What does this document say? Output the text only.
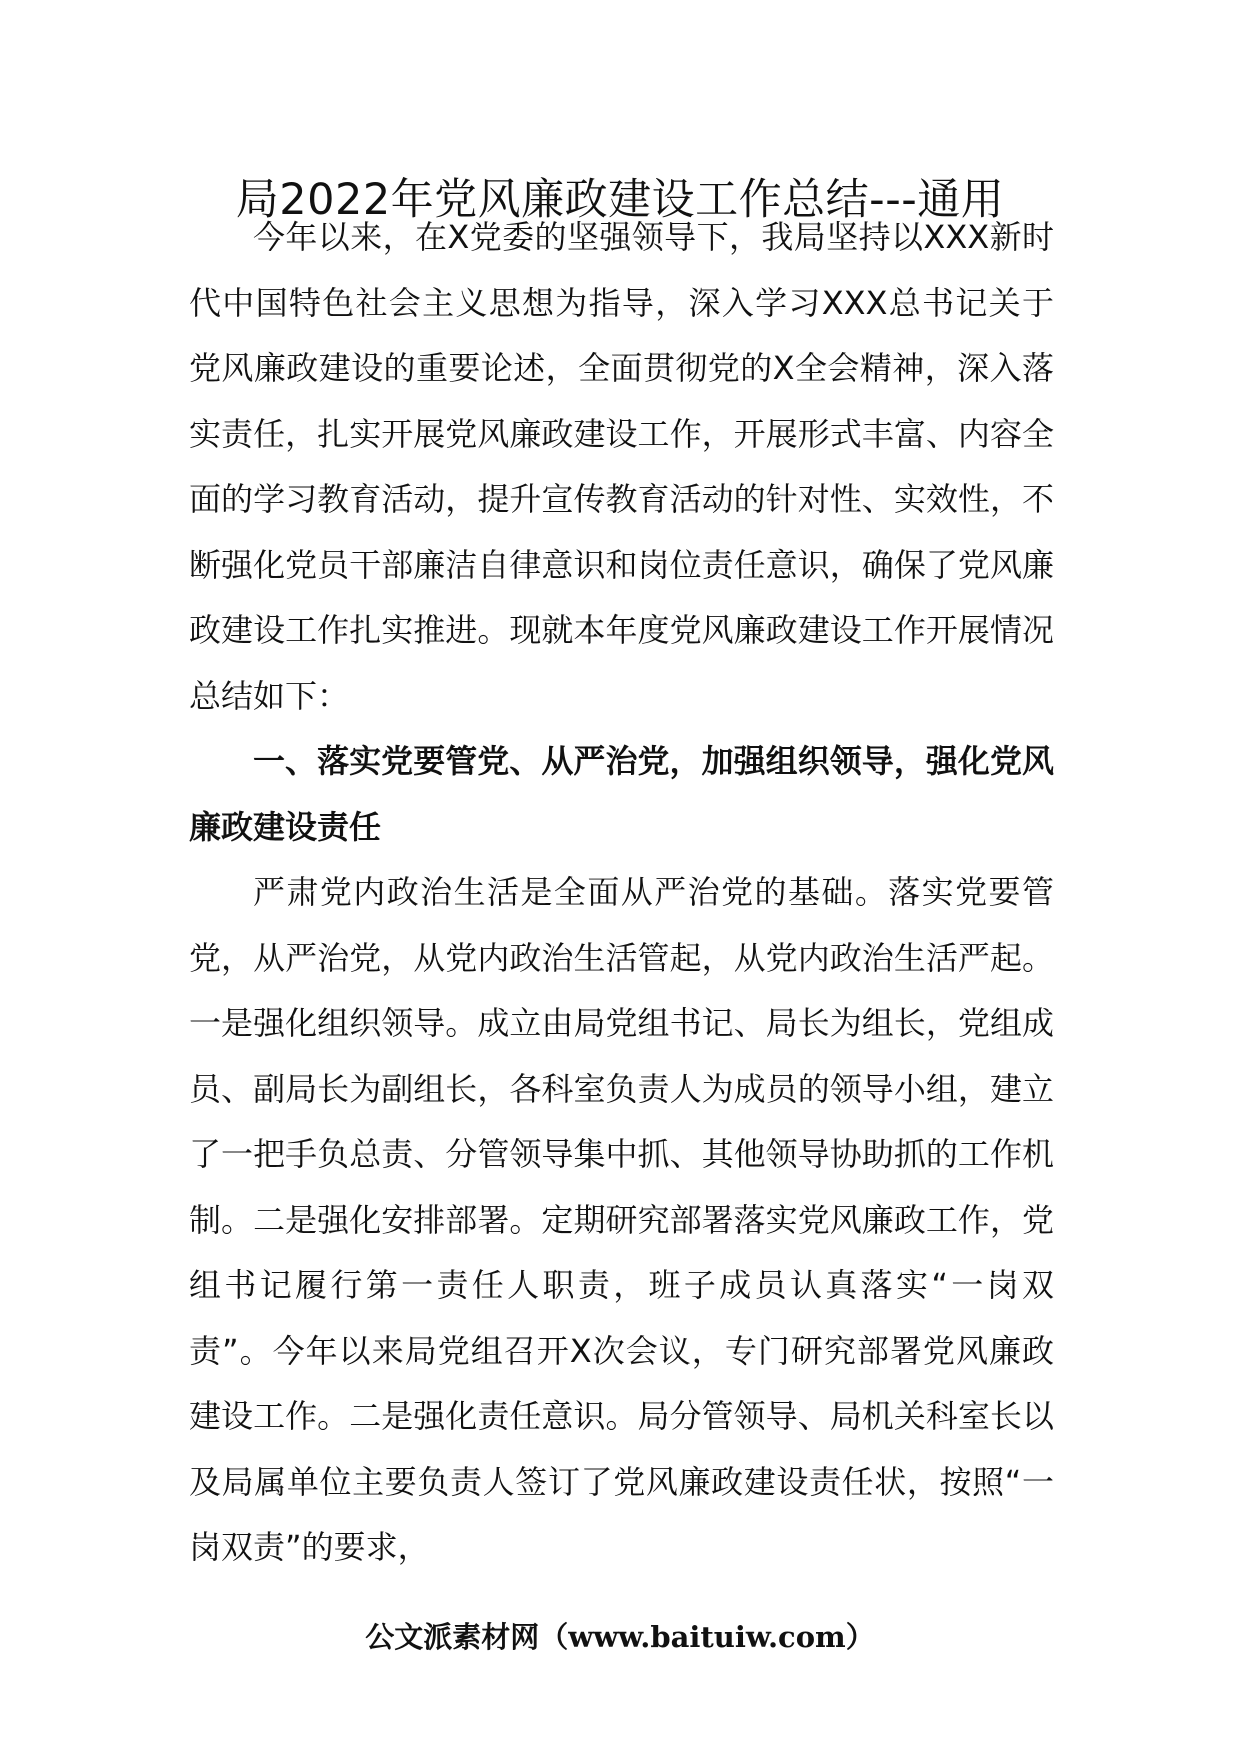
局2022年党风廉政建设工作总结---通用

今年以来，在X党委的坚强领导下，我局坚持以XXX新时代中国特色社会主义思想为指导，深入学习XXX总书记关于党风廉政建设的重要论述，全面贯彻党的X全会精神，深入落实责任，扎实开展党风廉政建设工作，开展形式丰富、内容全面的学习教育活动，提升宣传教育活动的针对性、实效性，不断强化党员干部廉洁自律意识和岗位责任意识，确保了党风廉政建设工作扎实推进。现就本年度党风廉政建设工作开展情况总结如下：

一、落实党要管党、从严治党，加强组织领导，强化党风廉政建设责任

严肃党内政治生活是全面从严治党的基础。落实党要管党，从严治党，从党内政治生活管起，从党内政治生活严起。一是强化组织领导。成立由局党组书记、局长为组长，党组成员、副局长为副组长，各科室负责人为成员的领导小组，建立了一把手负总责、分管领导集中抓、其他领导协助抓的工作机制。二是强化安排部署。定期研究部署落实党风廉政工作，党组书记履行第一责任人职责，班子成员认真落实“一岗双责”。今年以来局党组召开X次会议，专门研究部署党风廉政建设工作。二是强化责任意识。局分管领导、局机关科室长以及局属单位主要负责人签订了党风廉政建设责任状，按照“一岗双责”的要求，

公文派素材网（www.baituiw.com）
